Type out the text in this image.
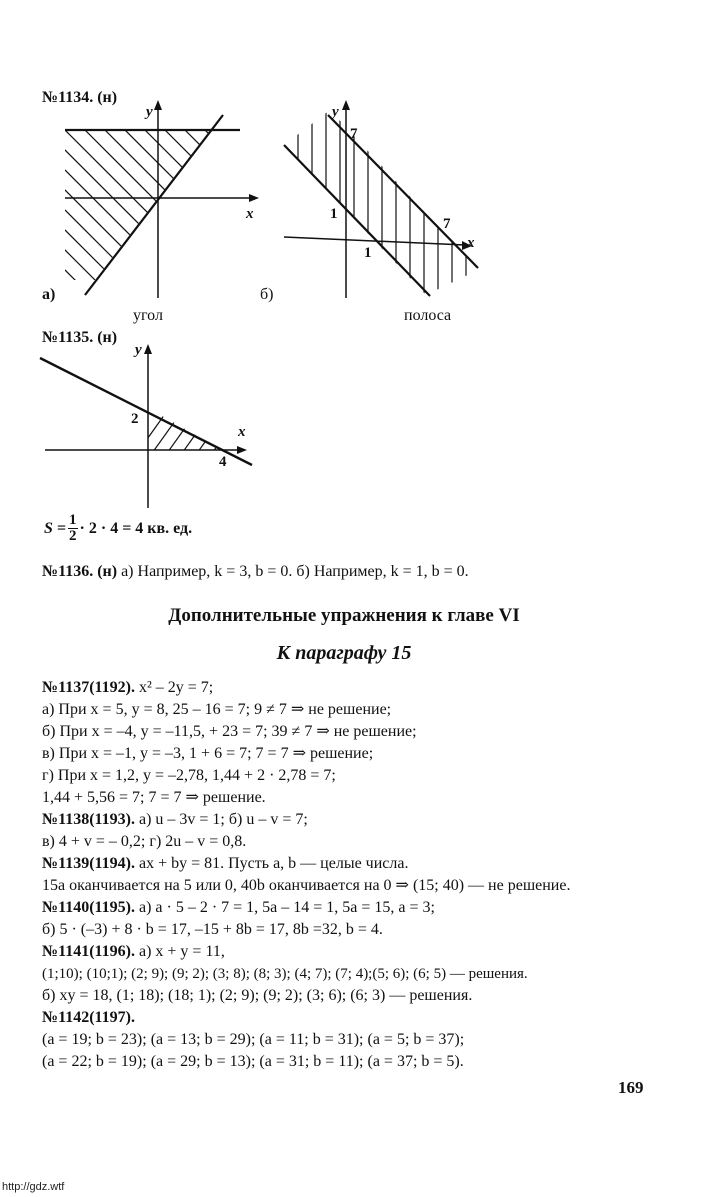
№1134. (н)
y
x
а)
угол
y
x
7
1
1
7
б)
полоса
№1135. (н)
y
x
2
4
$S = \frac{1}{2} \cdot 2 \cdot 4 = 4$ кв. ед.
№1136. (н) а) Например, k = 3, b = 0. б) Например, k = 1, b = 0.
Дополнительные упражнения к главе VI
К параграфу 15
№1137(1192). x² – 2y = 7;
а) При x = 5, y = 8, 25 – 16 = 7; 9 ≠ 7 ⇒ не решение;
б) При x = –4, y = –11,5, + 23 = 7; 39 ≠ 7 ⇒ не решение;
в) При x = –1, y = –3, 1 + 6 = 7; 7 = 7 ⇒ решение;
г) При x = 1,2, y = –2,78, 1,44 + 2 · 2,78 = 7;
1,44 + 5,56 = 7; 7 = 7 ⇒ решение.
№1138(1193). а) u – 3v = 1; б) u – v = 7;
в) 4 + v = – 0,2; г) 2u – v = 0,8.
№1139(1194). ax + by = 81. Пусть a, b — целые числа.
15a оканчивается на 5 или 0, 40b оканчивается на 0 ⇒ (15; 40) — не решение.
№1140(1195). а) a · 5 – 2 · 7 = 1, 5a – 14 = 1, 5a = 15, a = 3;
б) 5 · (–3) + 8 · b = 17, –15 + 8b = 17, 8b =32, b = 4.
№1141(1196). а) x + y = 11,
(1;10); (10;1); (2; 9); (9; 2); (3; 8); (8; 3); (4; 7); (7; 4);(5; 6); (6; 5) — решения.
б) xy = 18, (1; 18); (18; 1); (2; 9); (9; 2); (3; 6); (6; 3) — решения.
№1142(1197).
(a = 19; b = 23); (a = 13; b = 29); (a = 11; b = 31); (a = 5; b = 37);
(a = 22; b = 19); (a = 29; b = 13); (a = 31; b = 11); (a = 37; b = 5).
169
http://gdz.wtf
